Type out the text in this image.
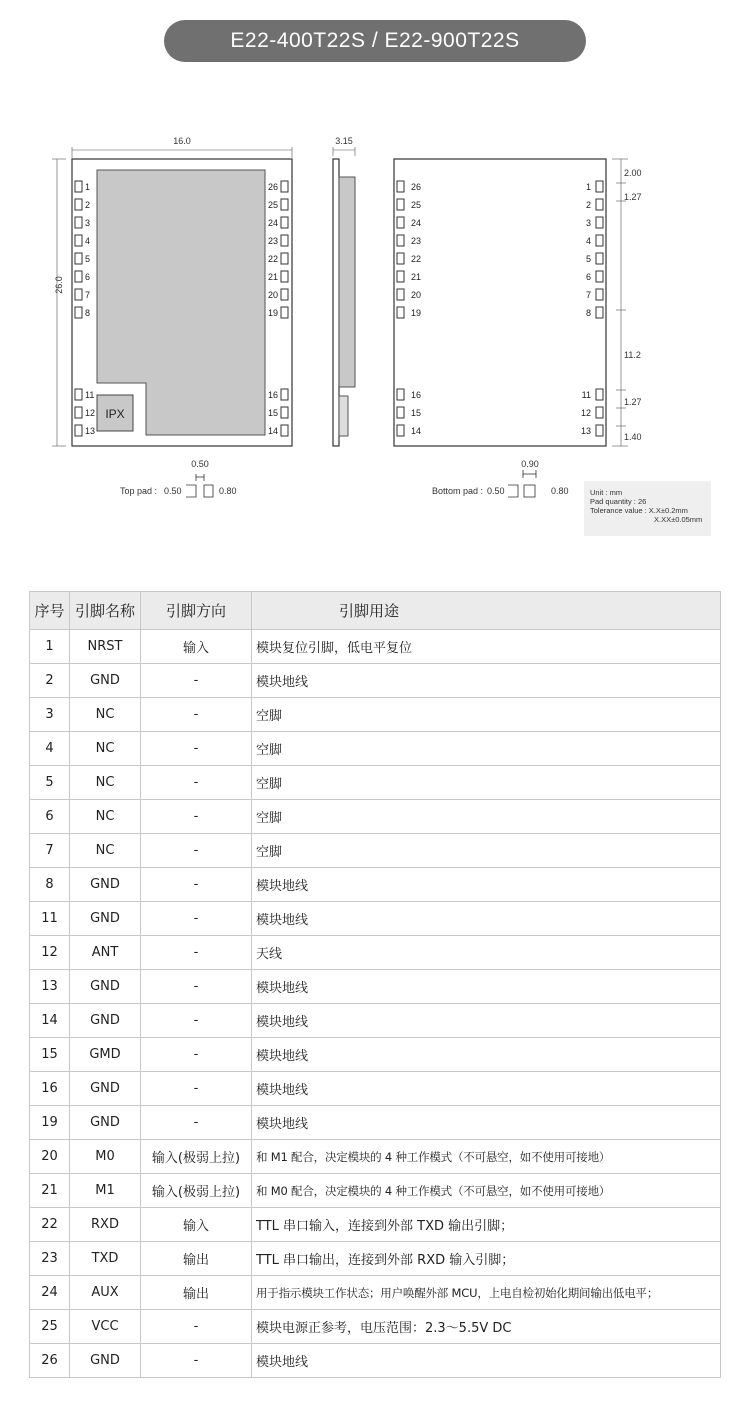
E22-400T22S / E22-900T22S
16.0
26.0
IPX
1
2
3
4
5
6
7
8
11
12
13
26
25
24
23
22
21
20
19
16
15
14
3.15
2.00
1.27
11.2
1.27
1.40
26
25
24
23
22
21
20
19
16
15
14
1
2
3
4
5
6
7
8
11
12
13
0.50
Top pad : 0.50	0.80
0.90
Bottom pad : 0.50	0.80	Unit : mm
Pad quantity : 26
Tolerance value : X.X±0.2mm
X.XX±0.05mm
序号	引脚名称	引脚方向	引脚用途
1	NRST	输入	模块复位引脚，低电平复位
2	GND	-	模块地线
3	NC	-	空脚
4	NC	-	空脚
5	NC	-	空脚
6	NC	-	空脚
7	NC	-	空脚
8	GND	-	模块地线
11	GND	-	模块地线
12	ANT	-	天线
13	GND	-	模块地线
14	GND	-	模块地线
15	GMD	-	模块地线
16	GND	-	模块地线
19	GND	-	模块地线
20	M0	输入(极弱上拉)	和 M1 配合，决定模块的 4 种工作模式（不可悬空，如不使用可接地）
21	M1	输入(极弱上拉)	和 M0 配合，决定模块的 4 种工作模式（不可悬空，如不使用可接地）
22	RXD	输入	TTL 串口输入，连接到外部 TXD 输出引脚；
23	TXD	输出	TTL 串口输出，连接到外部 RXD 输入引脚；
24	AUX	输出	用于指示模块工作状态；用户唤醒外部 MCU，上电自检初始化期间输出低电平；
25	VCC	-	模块电源正参考，电压范围：2.3～5.5V DC
26	GND	-	模块地线
